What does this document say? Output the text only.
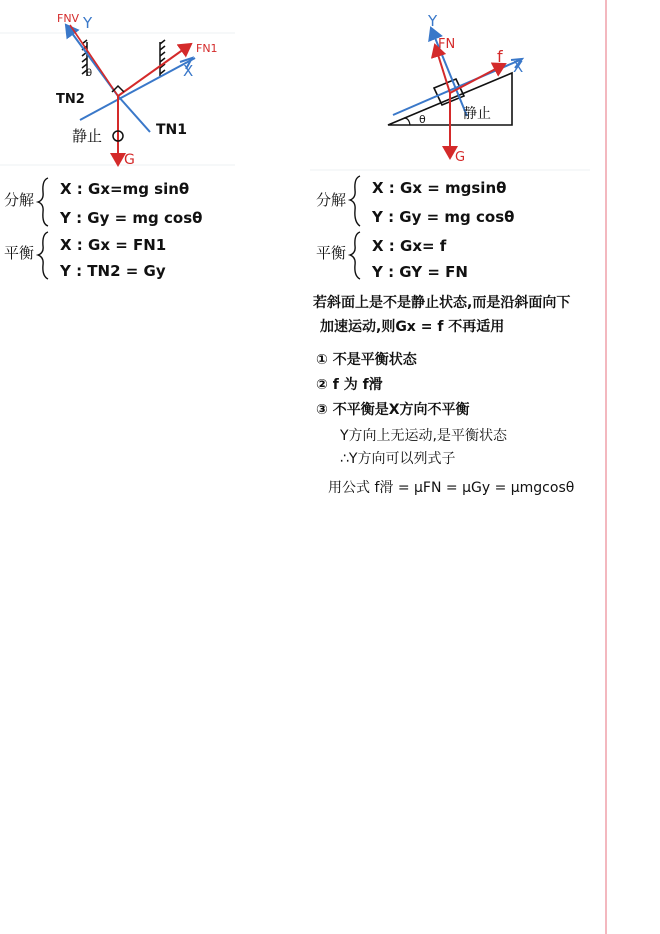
FNV Y
FN1
X
θ
TN2
TN1
静止
G
分解
X : Gx=mg sinθ
Y : Gy = mg cosθ
平衡 X : Gx = FN1
Y : TN2 = Gy
Y
FN
f
X
θ	静止
G
分解
X : Gx = mgsinθ
Y : Gy = mg cosθ
平衡 X : Gx= f
Y : GY = FN
若斜面上是不是静止状态,而是沿斜面向下
加速运动,则Gx = f 不再适用
① 不是平衡状态
② f 为 f滑
③ 不平衡是X方向不平衡
Y方向上无运动,是平衡状态
∴Y方向可以列式子
用公式 f滑 = μFN = μGy = μmgcosθ
